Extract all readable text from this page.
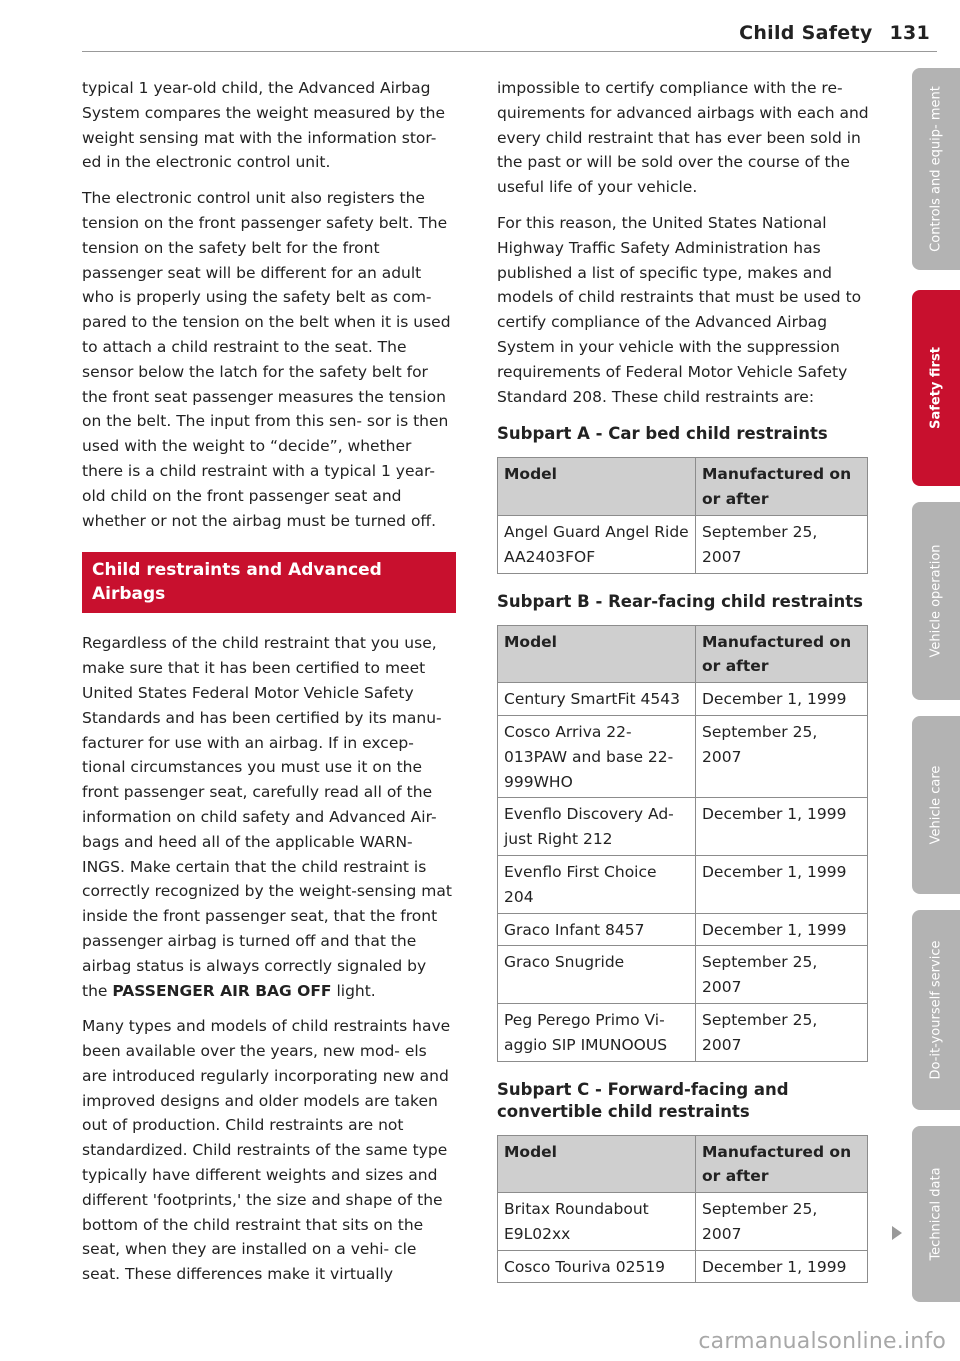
Child Safety 131

typical 1 year-old child, the Advanced Airbag System compares the weight measured by the weight sensing mat with the information stor- ed in the electronic control unit.

The electronic control unit also registers the tension on the front passenger safety belt. The tension on the safety belt for the front passenger seat will be different for an adult who is properly using the safety belt as com- pared to the tension on the belt when it is used to attach a child restraint to the seat. The sensor below the latch for the safety belt for the front seat passenger measures the tension on the belt. The input from this sen- sor is then used with the weight to “decide”, whether there is a child restraint with a typical 1 year-old child on the front passenger seat and whether or not the airbag must be turned off.

Child restraints and Advanced Airbags

Regardless of the child restraint that you use, make sure that it has been certified to meet United States Federal Motor Vehicle Safety Standards and has been certified by its manu- facturer for use with an airbag. If in excep- tional circumstances you must use it on the front passenger seat, carefully read all of the information on child safety and Advanced Air- bags and heed all of the applicable WARN- INGS. Make certain that the child restraint is correctly recognized by the weight-sensing mat inside the front passenger seat, that the front passenger airbag is turned off and that the airbag status is always correctly signaled by the PASSENGER AIR BAG OFF light.

Many types and models of child restraints have been available over the years, new mod- els are introduced regularly incorporating new and improved designs and older models are taken out of production. Child restraints are not standardized. Child restraints of the same type typically have different weights and sizes and different 'footprints,' the size and shape of the bottom of the child restraint that sits on the seat, when they are installed on a vehi- cle seat. These differences make it virtually

impossible to certify compliance with the re- quirements for advanced airbags with each and every child restraint that has ever been sold in the past or will be sold over the course of the useful life of your vehicle.

For this reason, the United States National Highway Traffic Safety Administration has published a list of specific type, makes and models of child restraints that must be used to certify compliance of the Advanced Airbag System in your vehicle with the suppression requirements of Federal Motor Vehicle Safety Standard 208. These child restraints are:

Subpart A - Car bed child restraints
Model	Manufactured on or after
Angel Guard Angel Ride AA2403FOF	September 25, 2007
Subpart B - Rear-facing child restraints
Model	Manufactured on or after
Century SmartFit 4543	December 1, 1999
Cosco Arriva 22-013PAW and base 22-999WHO	September 25, 2007
Evenflo Discovery Ad- just Right 212	December 1, 1999
Evenflo First Choice 204	December 1, 1999
Graco Infant 8457	December 1, 1999
Graco Snugride	September 25, 2007
Peg Perego Primo Vi- aggio SIP IMUNOOUS	September 25, 2007
Subpart C - Forward-facing and convertible child restraints
Model	Manufactured on or after
Britax Roundabout E9L02xx	September 25, 2007
Cosco Touriva 02519	December 1, 1999
Controls and equip- ment
Safety first
Vehicle operation
Vehicle care
Do-it-yourself service
Technical data
carmanualsonline.info
